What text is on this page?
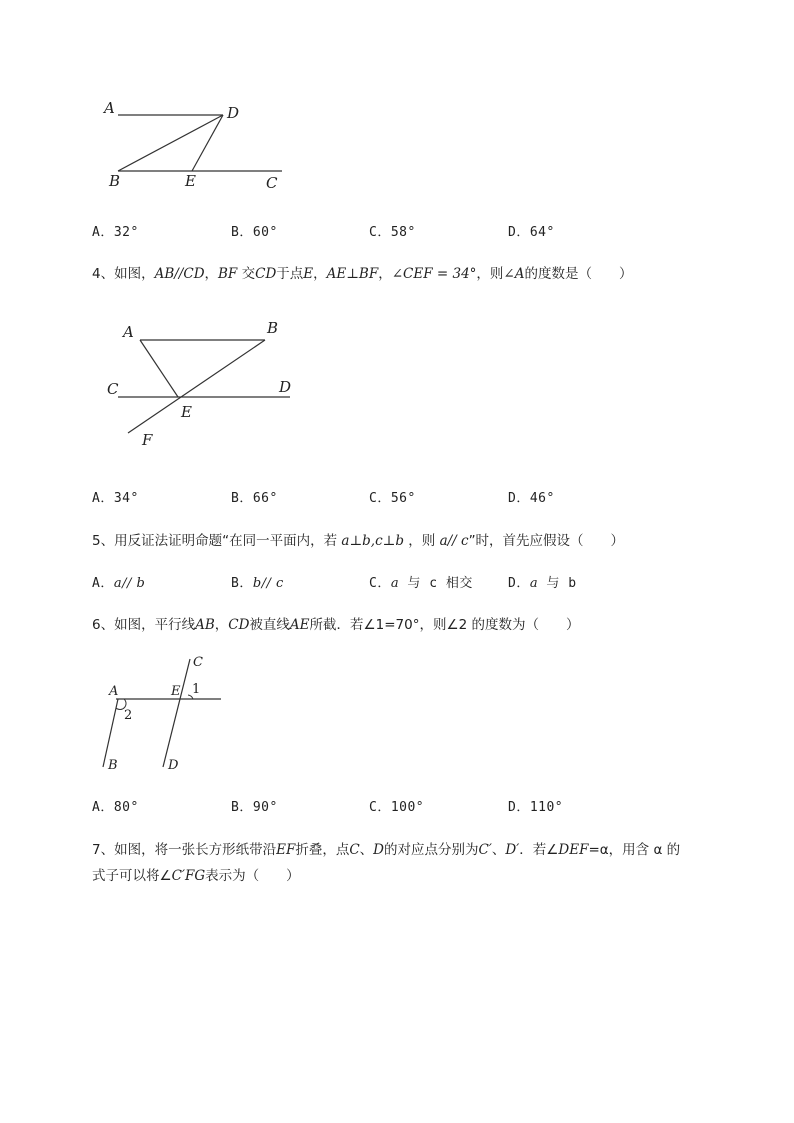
A	D
B	E	C
A．32°	B．60°	C．58°	D．64°
4、如图，AB//CD，BF 交CD于点E，AE⊥BF，∠CEF = 34°，则∠A的度数是（　　）
A	B
C	D
E
F
A．34°	B．66°	C．56°	D．46°
5、用反证法证明命题“在同一平面内，若 a⊥b,c⊥b ，则 a// c”时，首先应假设（　　）
A．a// b	B．b// c	C．a 与 c 相交	D．a 与 b
6、如图，平行线AB，CD被直线AE所截．若∠1=70°，则∠2 的度数为（　　）
C
A	E 1
2
B	D
A．80°	B．90°	C．100°	D．110°
7、如图，将一张长方形纸带沿EF折叠，点C、D的对应点分别为C′、D′．若∠DEF=α，用含 α 的
式子可以将∠C′FG表示为（　　）
